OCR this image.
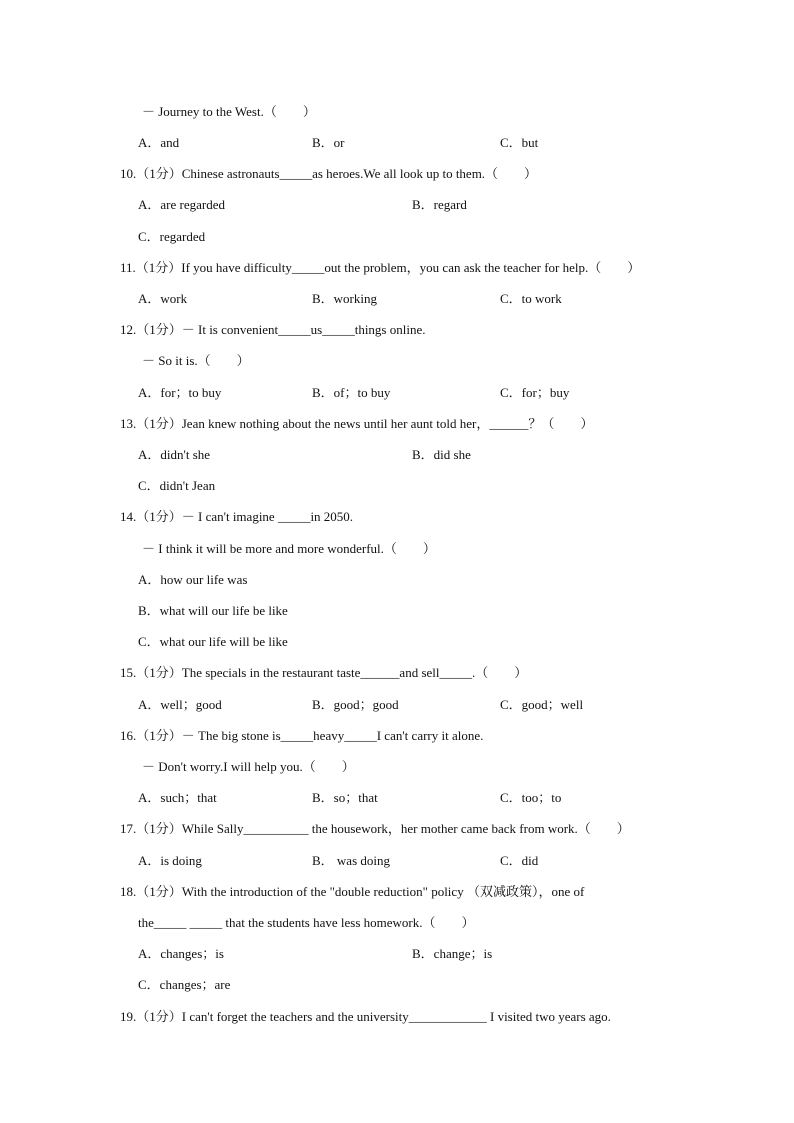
－ Journey to the West.（　　）
A．and	B．or	C．but
10.（1分）Chinese astronauts_____as heroes.We all look up to them.（　　）
A．are regarded	B．regard
C．regarded
11.（1分）If you have difficulty_____out the problem，you can ask the teacher for help.（　　）
A．work	B．working	C．to work
12.（1分）－ It is convenient_____us_____things online.
－ So it is.（　　）
A．for；to buy	B．of；to buy	C．for；buy
13.（1分）Jean knew nothing about the news until her aunt told her，______？（　　）
A．didn't she	B．did she
C．didn't Jean
14.（1分）－ I can't imagine _____in 2050.
－ I think it will be more and more wonderful.（　　）
A．how our life was
B．what will our life be like
C．what our life will be like
15.（1分）The specials in the restaurant taste______and sell_____.（　　）
A．well；good	B．good；good	C．good；well
16.（1分）－ The big stone is_____heavy_____I can't carry it alone.
－ Don't worry.I will help you.（　　）
A．such；that	B．so；that	C．too；to
17.（1分）While Sally__________ the housework，her mother came back from work.（　　）
A．is doing	B． was doing	C．did
18.（1分）With the introduction of the "double reduction" policy （双减政策），one of
the_____ _____ that the students have less homework.（　　）
A．changes；is	B．change；is
C．changes；are
19.（1分）I can't forget the teachers and the university____________ I visited two years ago.
